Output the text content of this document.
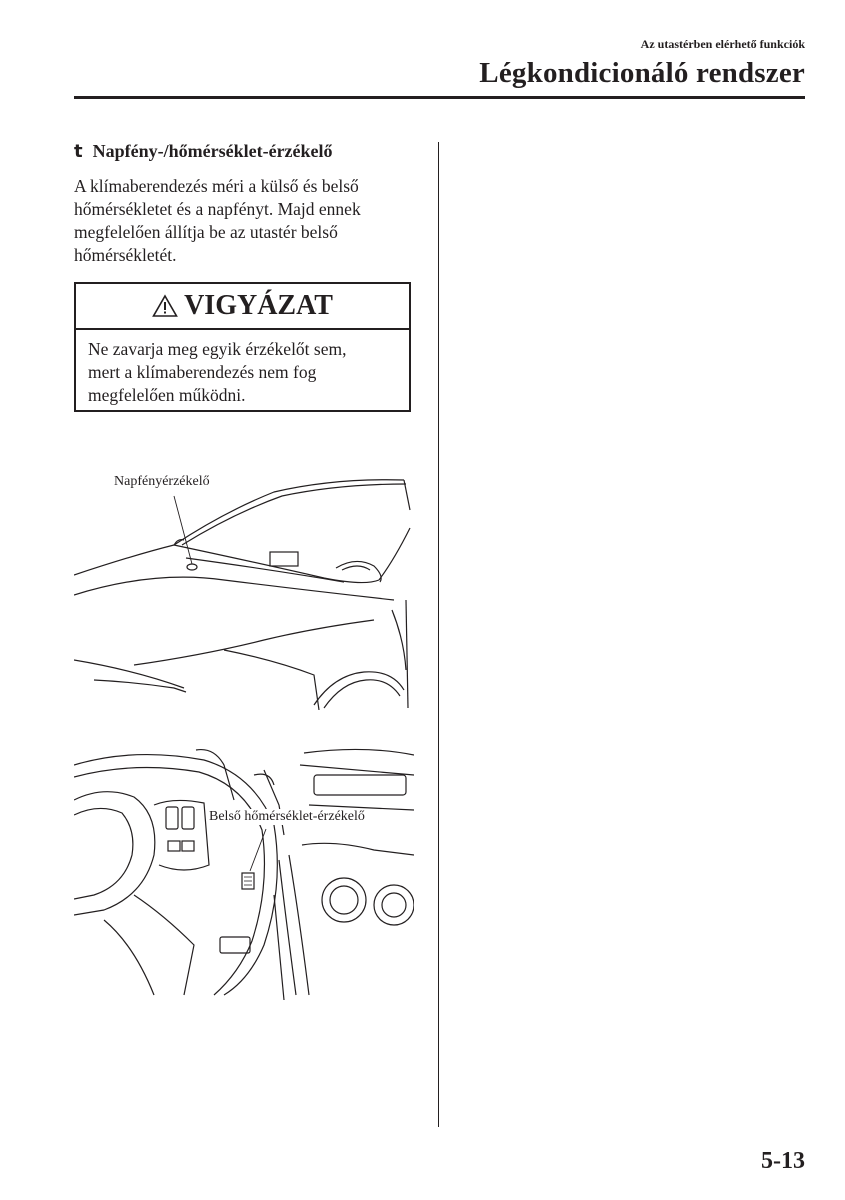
Az utastérben elérhető funkciók
Légkondicionáló rendszer
t Napfény-/hőmérséklet-érzékelő

A klímaberendezés méri a külső és belső

hőmérsékletet és a napfényt. Majd ennek

megfelelően állítja be az utastér belső

hőmérsékletét.

VIGYÁZAT

Ne zavarja meg egyik érzékelőt sem,

mert a klímaberendezés nem fog

megfelelően működni.

Napfényérzékelő
Belső hőmérséklet-érzékelő
5-13
